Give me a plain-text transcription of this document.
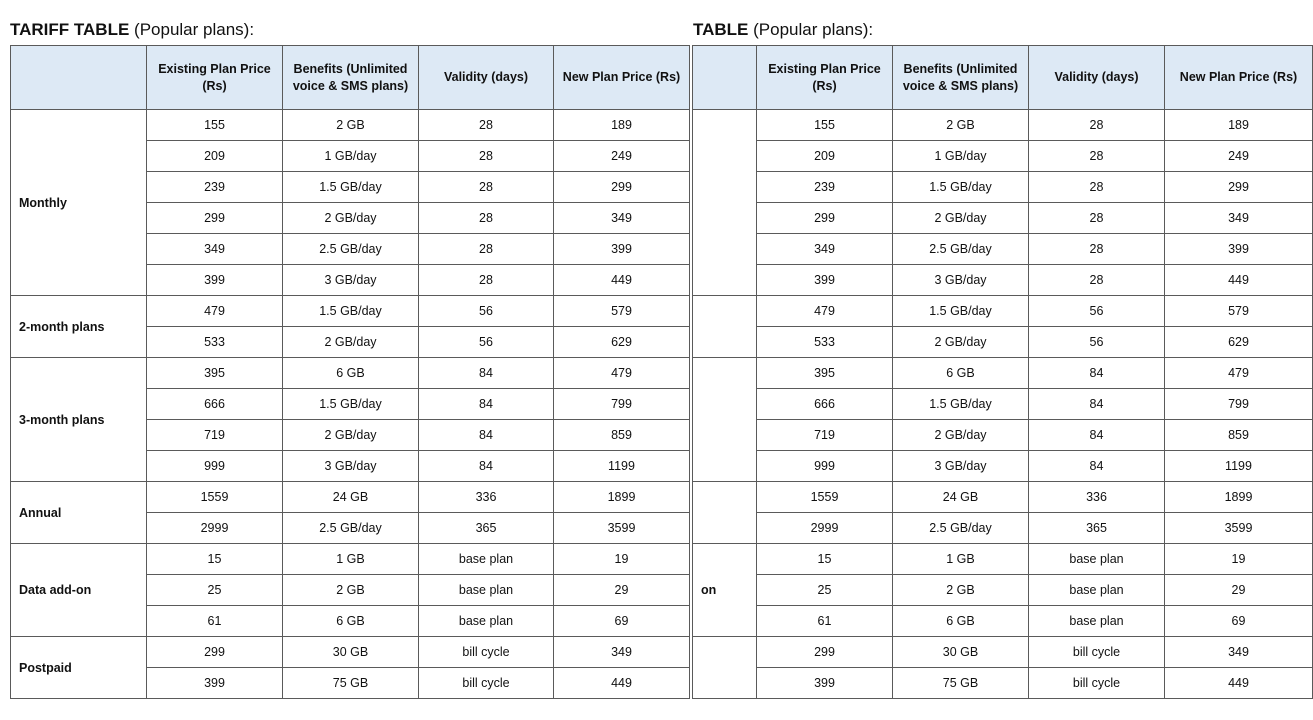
TARIFF TABLE (Popular plans):
	Existing Plan Price (Rs)	Benefits (Unlimited voice & SMS plans)	Validity (days)	New Plan Price (Rs)
Monthly	155	2 GB	28	189
	209	1 GB/day	28	249
	239	1.5 GB/day	28	299
	299	2 GB/day	28	349
	349	2.5 GB/day	28	399
	399	3 GB/day	28	449
2-month plans	479	1.5 GB/day	56	579
	533	2 GB/day	56	629
3-month plans	395	6 GB	84	479
	666	1.5 GB/day	84	799
	719	2 GB/day	84	859
	999	3 GB/day	84	1199
Annual	1559	24 GB	336	1899
	2999	2.5 GB/day	365	3599
Data add-on	15	1 GB	base plan	19
	25	2 GB	base plan	29
	61	6 GB	base plan	69
Postpaid	299	30 GB	bill cycle	349
	399	75 GB	bill cycle	449
TABLE (Popular plans):
	Existing Plan Price (Rs)	Benefits (Unlimited voice & SMS plans)	Validity (days)	New Plan Price (Rs)
	155	2 GB	28	189
	209	1 GB/day	28	249
	239	1.5 GB/day	28	299
	299	2 GB/day	28	349
	349	2.5 GB/day	28	399
	399	3 GB/day	28	449
	479	1.5 GB/day	56	579
	533	2 GB/day	56	629
	395	6 GB	84	479
	666	1.5 GB/day	84	799
	719	2 GB/day	84	859
	999	3 GB/day	84	1199
	1559	24 GB	336	1899
	2999	2.5 GB/day	365	3599
on	15	1 GB	base plan	19
	25	2 GB	base plan	29
	61	6 GB	base plan	69
	299	30 GB	bill cycle	349
	399	75 GB	bill cycle	449
